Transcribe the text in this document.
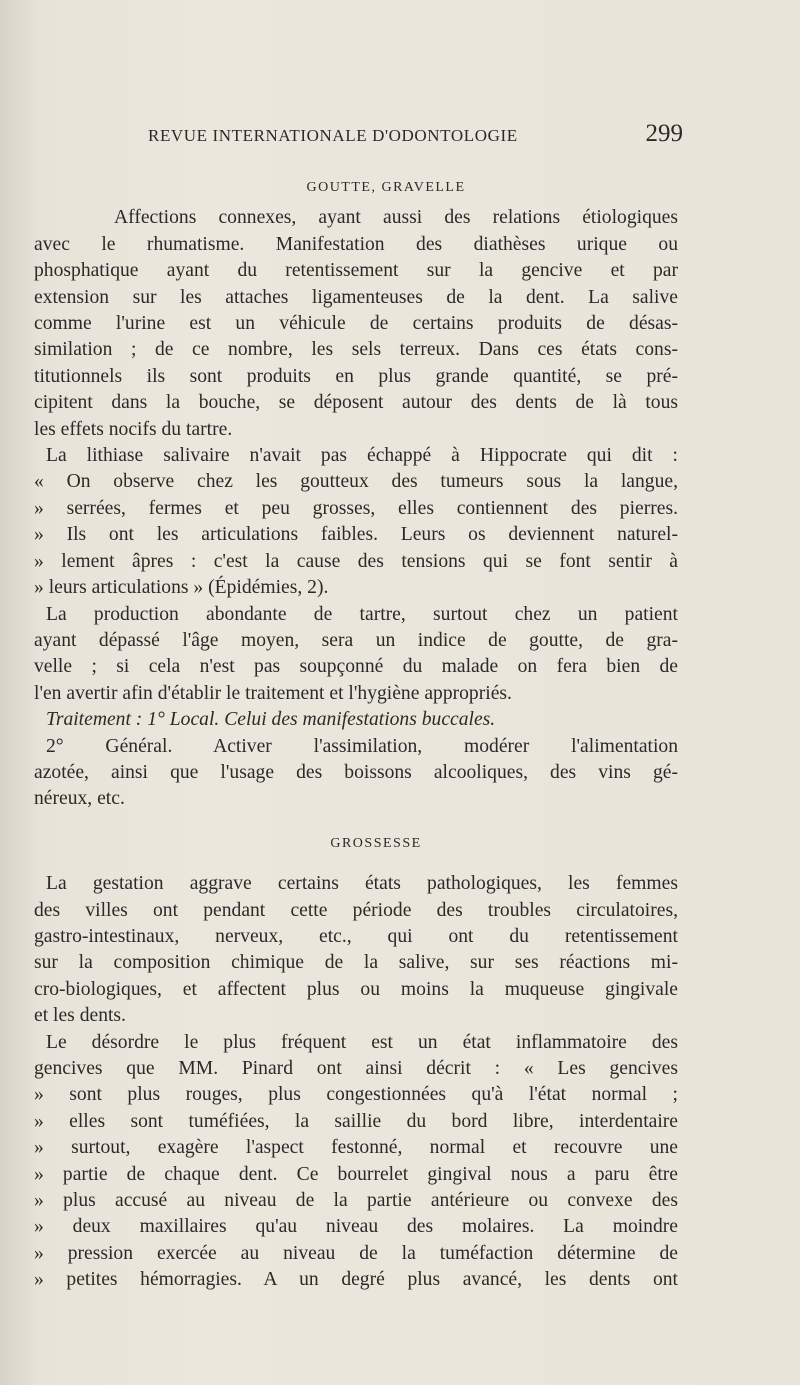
REVUE INTERNATIONALE D'ODONTOLOGIE	299
GOUTTE, GRAVELLE

Affections connexes, ayant aussi des relations étiologiques
avec le rhumatisme. Manifestation des diathèses urique ou
phosphatique ayant du retentissement sur la gencive et par
extension sur les attaches ligamenteuses de la dent. La salive
comme l'urine est un véhicule de certains produits de désas-
similation ; de ce nombre, les sels terreux. Dans ces états cons-
titutionnels ils sont produits en plus grande quantité, se pré-
cipitent dans la bouche, se déposent autour des dents de là tous
les effets nocifs du tartre.

La lithiase salivaire n'avait pas échappé à Hippocrate qui dit :
« On observe chez les goutteux des tumeurs sous la langue,
» serrées, fermes et peu grosses, elles contiennent des pierres.
» Ils ont les articulations faibles. Leurs os deviennent naturel-
» lement âpres : c'est la cause des tensions qui se font sentir à
» leurs articulations » (Épidémies, 2).

La production abondante de tartre, surtout chez un patient
ayant dépassé l'âge moyen, sera un indice de goutte, de gra-
velle ; si cela n'est pas soupçonné du malade on fera bien de
l'en avertir afin d'établir le traitement et l'hygiène appropriés.

Traitement : 1° Local. Celui des manifestations buccales.

2° Général. Activer l'assimilation, modérer l'alimentation
azotée, ainsi que l'usage des boissons alcooliques, des vins gé-
néreux, etc.

GROSSESSE

La gestation aggrave certains états pathologiques, les femmes
des villes ont pendant cette période des troubles circulatoires,
gastro-intestinaux, nerveux, etc., qui ont du retentissement
sur la composition chimique de la salive, sur ses réactions mi-
cro-biologiques, et affectent plus ou moins la muqueuse gingivale
et les dents.

Le désordre le plus fréquent est un état inflammatoire des
gencives que MM. Pinard ont ainsi décrit : « Les gencives
» sont plus rouges, plus congestionnées qu'à l'état normal ;
» elles sont tuméfiées, la saillie du bord libre, interdentaire
» surtout, exagère l'aspect festonné, normal et recouvre une
» partie de chaque dent. Ce bourrelet gingival nous a paru être
» plus accusé au niveau de la partie antérieure ou convexe des
» deux maxillaires qu'au niveau des molaires. La moindre
» pression exercée au niveau de la tuméfaction détermine de
» petites hémorragies. A un degré plus avancé, les dents ont
